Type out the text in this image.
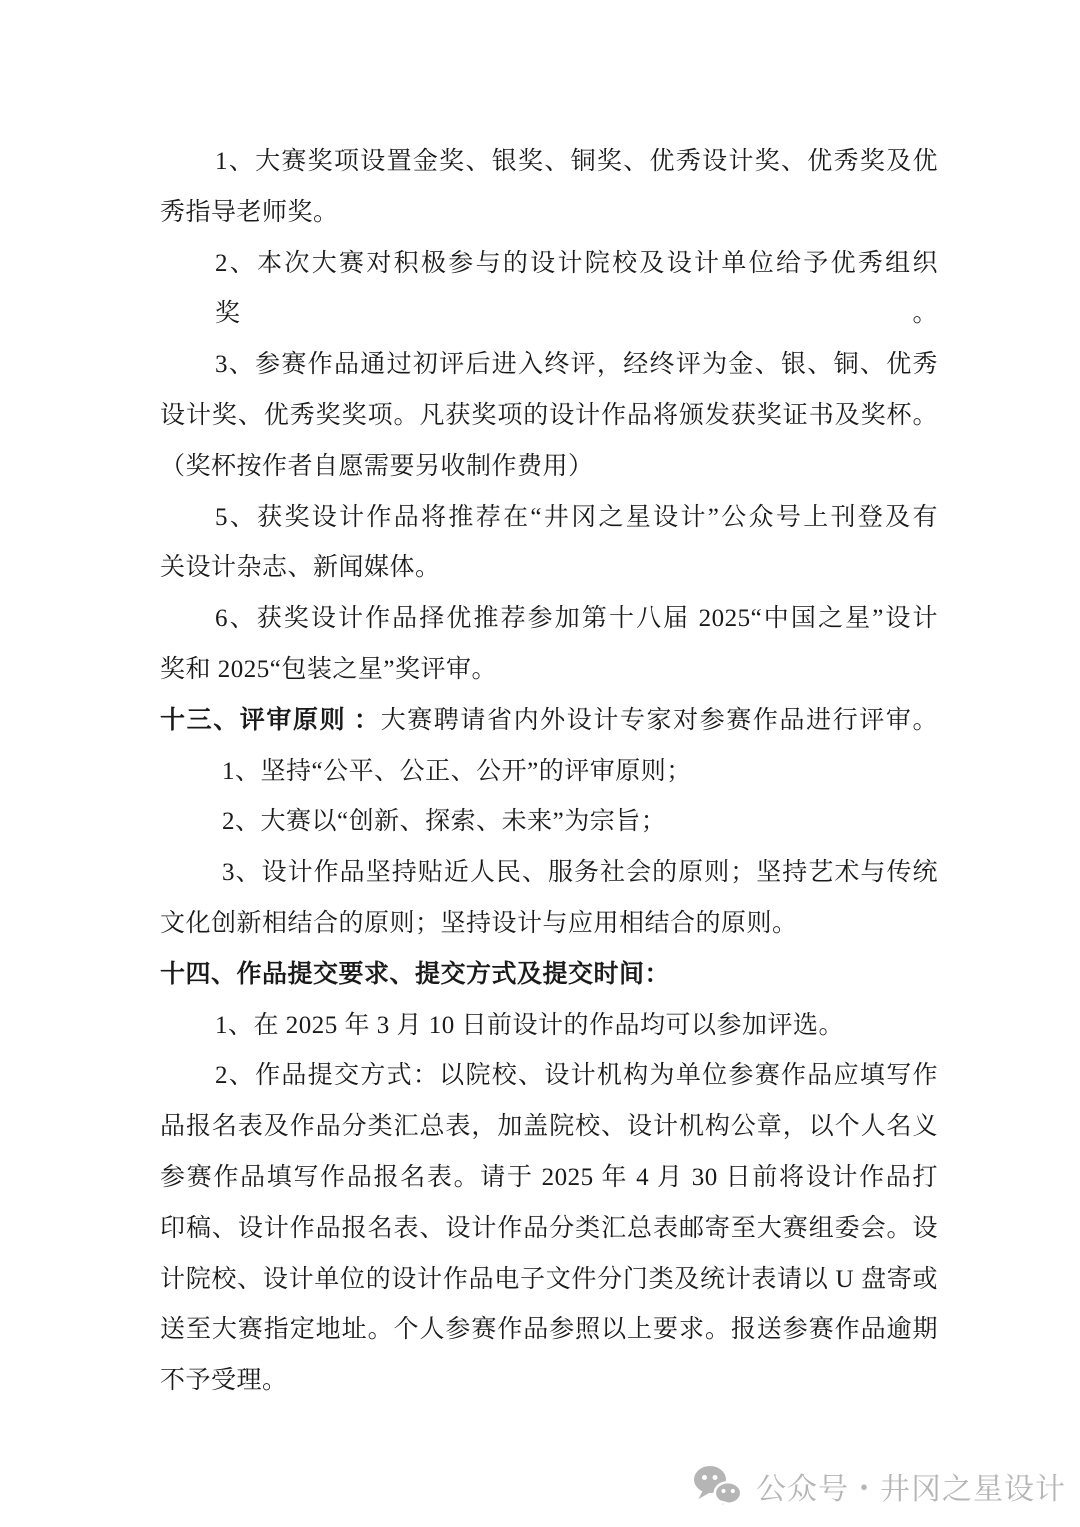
1、大赛奖项设置金奖、银奖、铜奖、优秀设计奖、优秀奖及优
秀指导老师奖。
2、本次大赛对积极参与的设计院校及设计单位给予优秀组织奖。
3、参赛作品通过初评后进入终评，经终评为金、银、铜、优秀
设计奖、优秀奖奖项。凡获奖项的设计作品将颁发获奖证书及奖杯。
（奖杯按作者自愿需要另收制作费用）
5、获奖设计作品将推荐在“井冈之星设计”公众号上刊登及有
关设计杂志、新闻媒体。
6、获奖设计作品择优推荐参加第十八届 2025“中国之星”设计
奖和 2025“包装之星”奖评审。
十三、评审原则 ：大赛聘请省内外设计专家对参赛作品进行评审。
1、坚持“公平、公正、公开”的评审原则；
2、大赛以“创新、探索、未来”为宗旨；
3、设计作品坚持贴近人民、服务社会的原则；坚持艺术与传统
文化创新相结合的原则；坚持设计与应用相结合的原则。
十四、作品提交要求、提交方式及提交时间：
1、在 2025 年 3 月 10 日前设计的作品均可以参加评选。
2、作品提交方式：以院校、设计机构为单位参赛作品应填写作
品报名表及作品分类汇总表，加盖院校、设计机构公章，以个人名义
参赛作品填写作品报名表。请于 2025 年 4 月 30 日前将设计作品打
印稿、设计作品报名表、设计作品分类汇总表邮寄至大赛组委会。设
计院校、设计单位的设计作品电子文件分门类及统计表请以 U 盘寄或
送至大赛指定地址。个人参赛作品参照以上要求。报送参赛作品逾期
不予受理。
公众号・井冈之星设计
